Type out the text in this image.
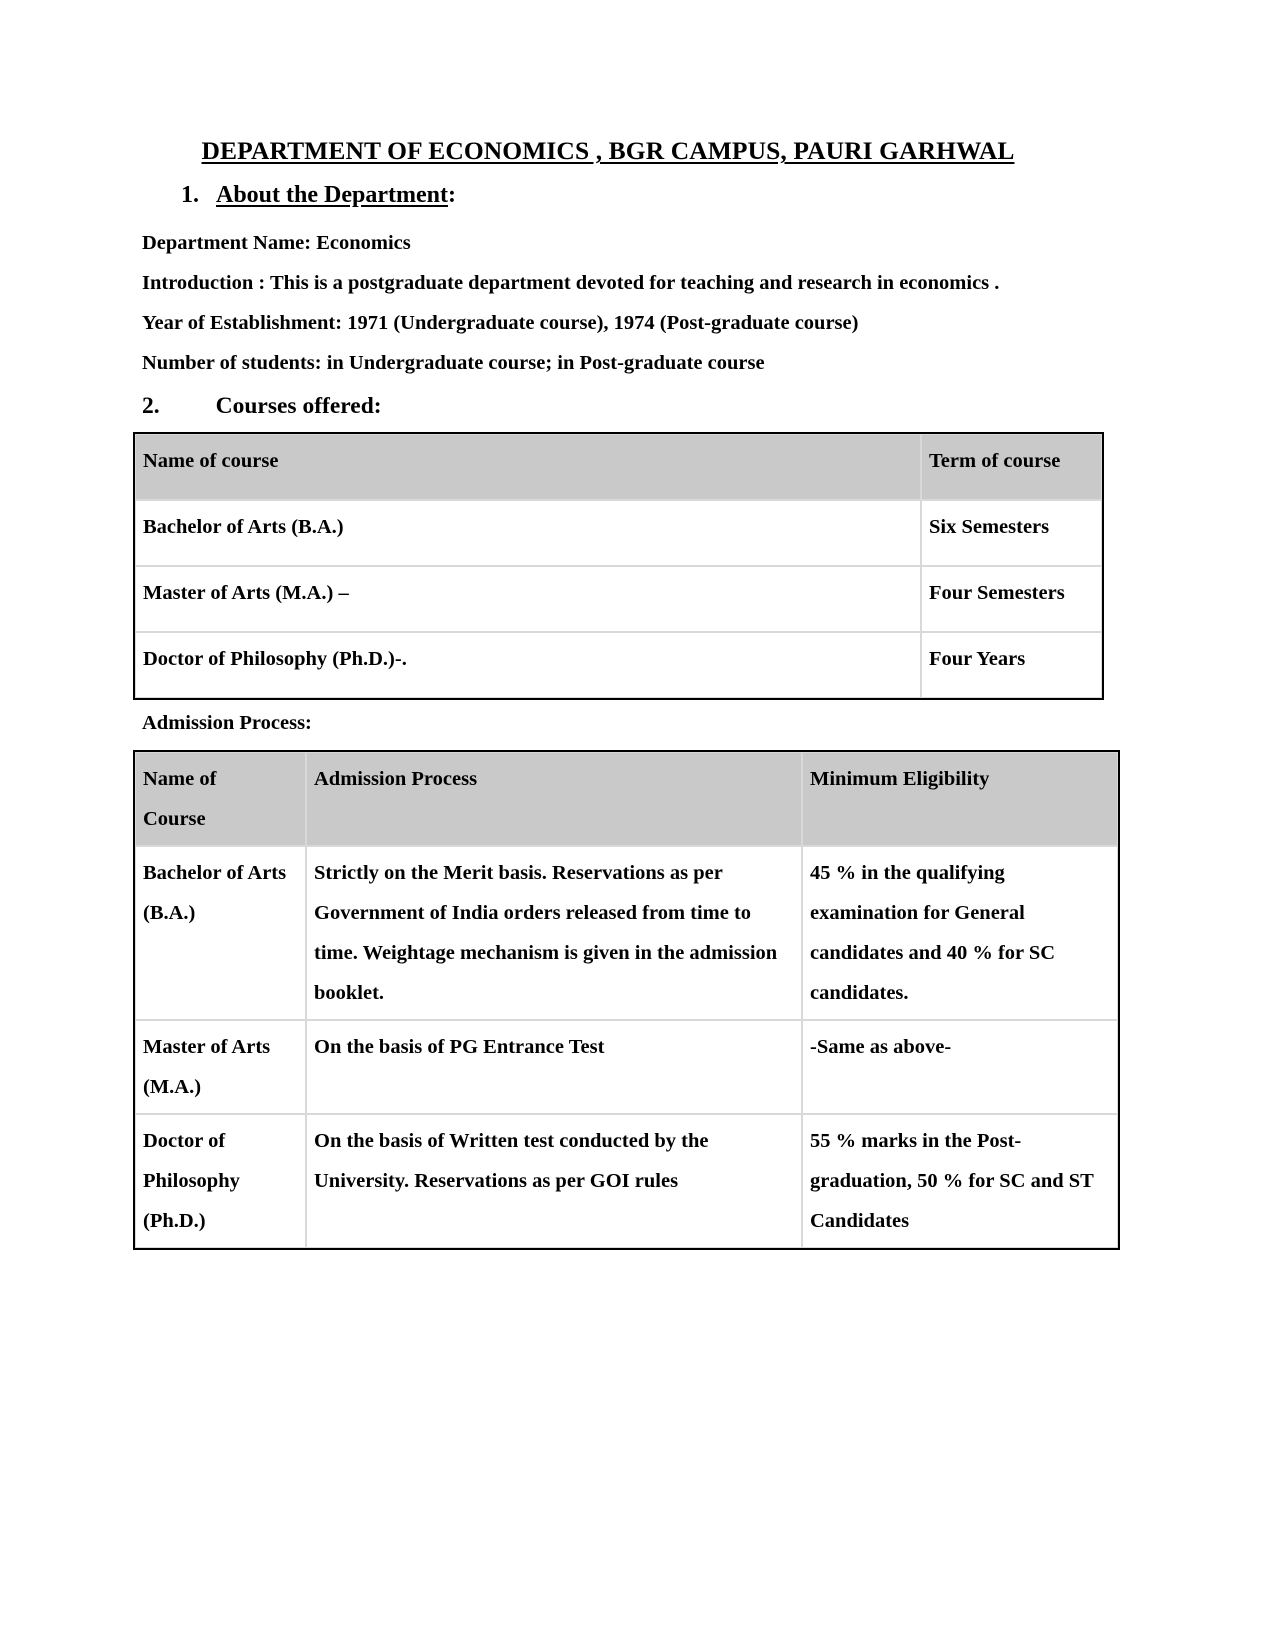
DEPARTMENT OF ECONOMICS , BGR CAMPUS, PAURI GARHWAL
1. About the Department:

Department Name: Economics

Introduction : This is a postgraduate department devoted for teaching and research in economics .

Year of Establishment: 1971 (Undergraduate course), 1974 (Post-graduate course)

Number of students: in Undergraduate course; in Post-graduate course

2. Courses offered:
Name of course	Term of course
Bachelor of Arts (B.A.)	Six Semesters
Master of Arts (M.A.) –	Four Semesters
Doctor of Philosophy (Ph.D.)-.	Four Years

Admission Process:

Name of
Course	Admission Process	Minimum Eligibility
Bachelor of Arts (B.A.)	Strictly on the Merit basis. Reservations as per Government of India orders released from time to time. Weightage mechanism is given in the admission booklet.	45 % in the qualifying examination for General candidates and 40 % for SC candidates.
Master of Arts (M.A.)	On the basis of PG Entrance Test	-Same as above-
Doctor of Philosophy (Ph.D.)	On the basis of Written test conducted by the University. Reservations as per GOI rules	55 % marks in the Post-graduation, 50 % for SC and ST Candidates
